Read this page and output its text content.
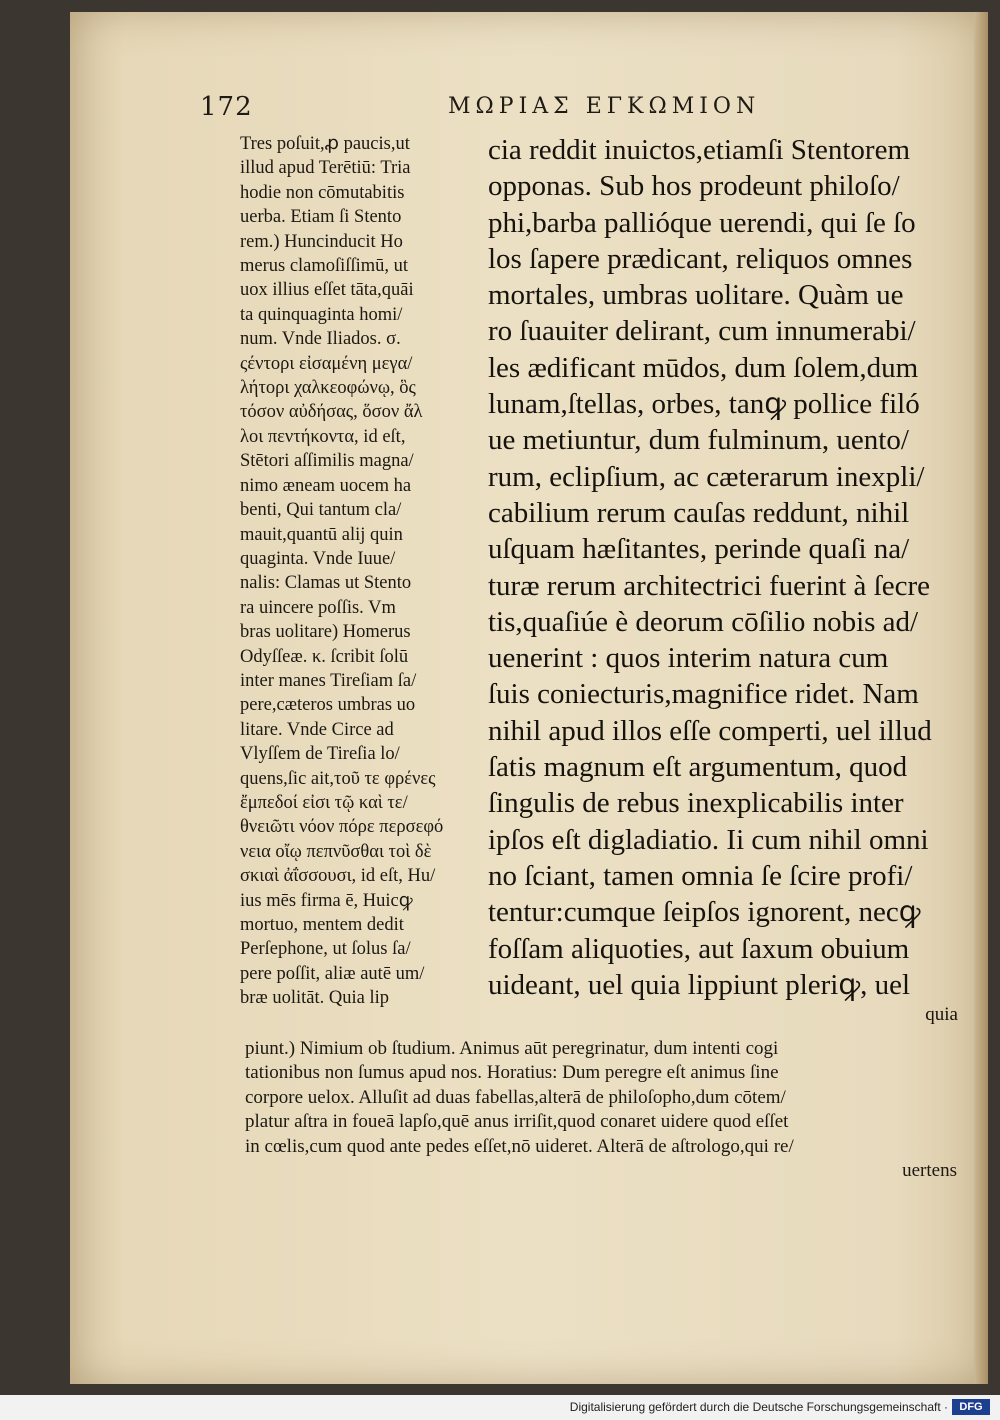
172	ΜΩΡΙΑΣ ΕΓΚΩΜΙΟΝ
Tres poſuit,ꝓ paucis,ut
illud apud Terētiū: Tria
hodie non cōmutabitis
uerba. Etiam ſi Stento
rem.) Huncinducit Ho
merus clamoſiſſimū, ut
uox illius eſſet tāta,quāi
ta quinquaginta homi/
num. Vnde Iliados. σ.
ςέντορι εἰσαμένη μεγα/
λήτορι χαλκεοφώνῳ, ὃς
τόσον αὐδήσας, ὅσον ἄλ
λοι πεντήκοντα, id eſt,
Stētori aſſimilis magna/
nimo æneam uocem ha
benti, Qui tantum cla/
mauit,quantū alij quin
quaginta. Vnde Iuue/
nalis: Clamas ut Stento
ra uincere poſſis. Vm
bras uolitare) Homerus
Odyſſeæ. κ. ſcribit ſolū
inter manes Tireſiam ſa/
pere,cæteros umbras uo
litare. Vnde Circe ad
Vlyſſem de Tireſia lo/
quens,ſic ait,τοῦ τε φρένες
ἔμπεδοί εἰσι τῷ καὶ τε/
θνειῶτι νόον πόρε περσεφό
νεια οἴῳ πεπνῦσθαι τοὶ δὲ
σκιαὶ ἀΐσσουσι, id eſt, Hu/
ius mēs firma ē, Huicꝙ
mortuo, mentem dedit
Perſephone, ut ſolus ſa/
pere poſſit, aliæ autē um/
bræ uolitāt. Quia lip
cia reddit inuictos,etiamſi Stentorem
opponas. Sub hos prodeunt philoſo/
phi,barba pallióque uerendi, qui ſe ſo
los ſapere prædicant, reliquos omnes
mortales, umbras uolitare. Quàm ue
ro ſuauiter delirant, cum innumerabi/
les ædificant mūdos, dum ſolem,dum
lunam,ſtellas, orbes, tanꝙ pollice filó
ue metiuntur, dum fulminum, uento/
rum, eclipſium, ac cæterarum inexpli/
cabilium rerum cauſas reddunt, nihil
uſquam hæſitantes, perinde quaſi na/
turæ rerum architectrici fuerint à ſecre
tis,quaſiúe è deorum cōſilio nobis ad/
uenerint : quos interim natura cum
ſuis coniecturis,magnifice ridet. Nam
nihil apud illos eſſe comperti, uel illud
ſatis magnum eſt argumentum, quod
ſingulis de rebus inexplicabilis inter
ipſos eſt digladiatio. Ii cum nihil omni
no ſciant, tamen omnia ſe ſcire profi/
tentur:cumque ſeipſos ignorent, necꝙ
foſſam aliquoties, aut ſaxum obuium
uideant, uel quia lippiunt pleriꝙ, uel
quia
piunt.) Nimium ob ſtudium. Animus aūt peregrinatur, dum intenti cogi
tationibus non ſumus apud nos. Horatius: Dum peregre eſt animus ſine
corpore uelox. Alluſit ad duas fabellas,alterā de philoſopho,dum cōtem/
platur aſtra in foueā lapſo,quē anus irriſit,quod conaret uidere quod eſſet
in cœlis,cum quod ante pedes eſſet,nō uideret. Alterā de aſtrologo,qui re/
uertens
Digitalisierung gefördert durch die Deutsche Forschungsgemeinschaft ·	DFG
